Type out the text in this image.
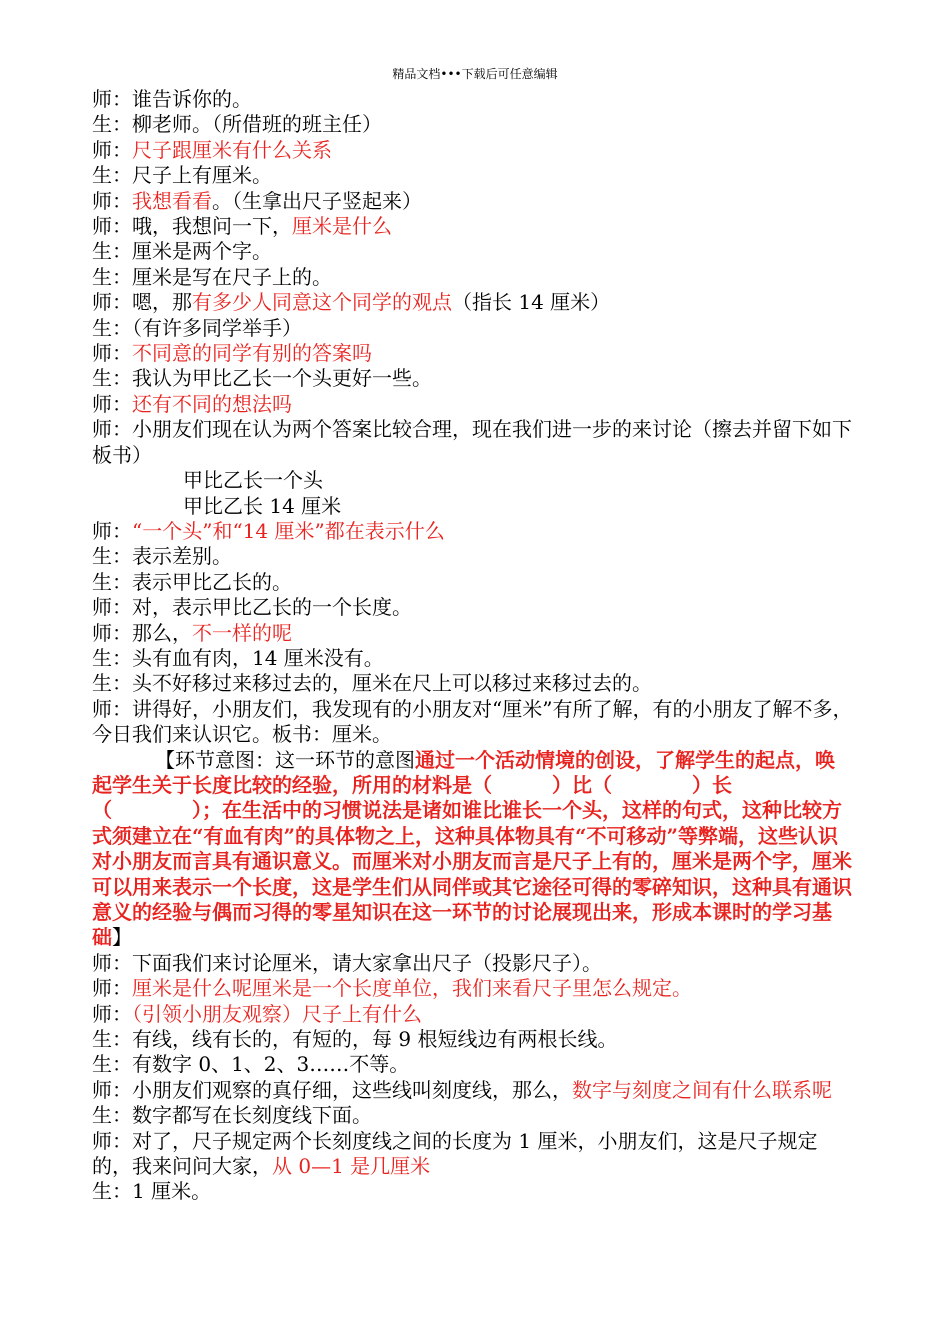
精品文档•••下载后可任意编辑
师：谁告诉你的。
生：柳老师。（所借班的班主任）
师：尺子跟厘米有什么关系
生：尺子上有厘米。
师：我想看看。（生拿出尺子竖起来）
师：哦，我想问一下，厘米是什么
生：厘米是两个字。
生：厘米是写在尺子上的。
师：嗯，那有多少人同意这个同学的观点（指长 14 厘米）
生：（有许多同学举手）
师：不同意的同学有别的答案吗
生：我认为甲比乙长一个头更好一些。
师：还有不同的想法吗
师：小朋友们现在认为两个答案比较合理，现在我们进一步的来讨论（擦去并留下如下板书）
甲比乙长一个头
甲比乙长 14 厘米
师：“一个头”和“14 厘米”都在表示什么
生：表示差别。
生：表示甲比乙长的。
师：对，表示甲比乙长的一个长度。
师：那么，不一样的呢
生：头有血有肉，14 厘米没有。
生：头不好移过来移过去的，厘米在尺上可以移过来移过去的。
师：讲得好，小朋友们，我发现有的小朋友对“厘米”有所了解，有的小朋友了解不多，今日我们来认识它。板书：厘米。
【环节意图：这一环节的意图通过一个活动情境的创设，了解学生的起点，唤起学生关于长度比较的经验，所用的材料是（　　　）比（　　　　）长（　　　　）；在生活中的习惯说法是诸如谁比谁长一个头，这样的句式，这种比较方式须建立在“有血有肉”的具体物之上，这种具体物具有“不可移动”等弊端，这些认识对小朋友而言具有通识意义。而厘米对小朋友而言是尺子上有的，厘米是两个字，厘米可以用来表示一个长度，这是学生们从同伴或其它途径可得的零碎知识，这种具有通识意义的经验与偶而习得的零星知识在这一环节的讨论展现出来，形成本课时的学习基础】
师：下面我们来讨论厘米，请大家拿出尺子（投影尺子）。
师：厘米是什么呢厘米是一个长度单位，我们来看尺子里怎么规定。
师：（引领小朋友观察）尺子上有什么
生：有线，线有长的，有短的，每 9 根短线边有两根长线。
生：有数字 0、1、2、3……不等。
师：小朋友们观察的真仔细，这些线叫刻度线，那么，数字与刻度之间有什么联系呢
生：数字都写在长刻度线下面。
师：对了，尺子规定两个长刻度线之间的长度为 1 厘米，小朋友们，这是尺子规定的，我来问问大家，从 0—1 是几厘米
生：1 厘米。
